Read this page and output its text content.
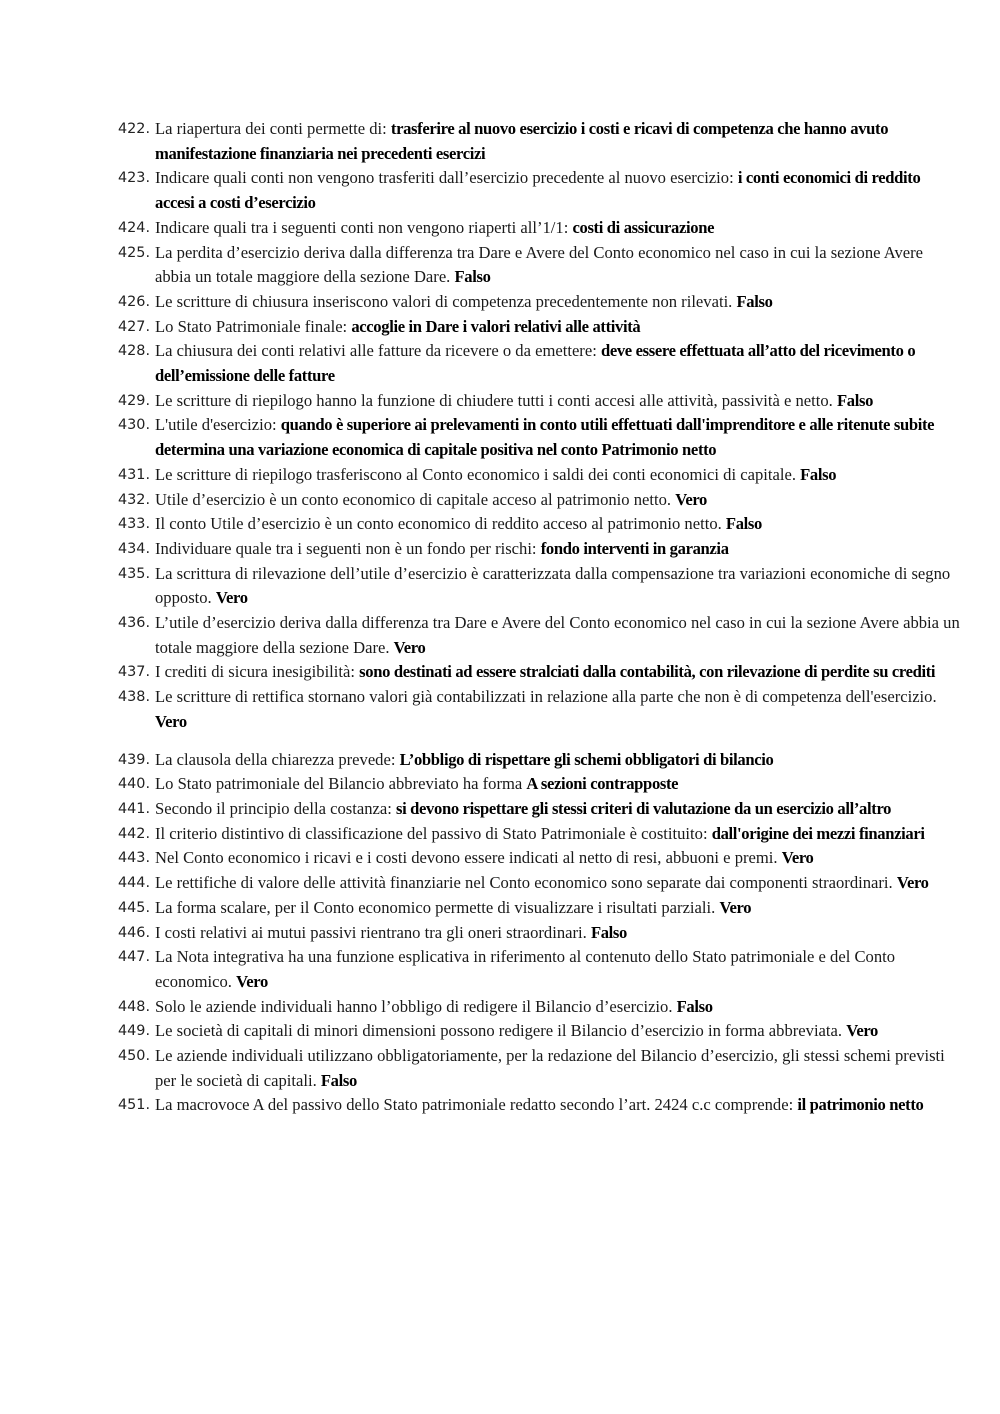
422. La riapertura dei conti permette di: trasferire al nuovo esercizio i costi e ricavi di competenza che hanno avuto manifestazione finanziaria nei precedenti esercizi
423. Indicare quali conti non vengono trasferiti dall’esercizio precedente al nuovo esercizio: i conti economici di reddito accesi a costi d’esercizio
424. Indicare quali tra i seguenti conti non vengono riaperti all’1/1: costi di assicurazione
425. La perdita d’esercizio deriva dalla differenza tra Dare e Avere del Conto economico nel caso in cui la sezione Avere abbia un totale maggiore della sezione Dare. Falso
426. Le scritture di chiusura inseriscono valori di competenza precedentemente non rilevati. Falso
427. Lo Stato Patrimoniale finale: accoglie in Dare i valori relativi alle attività
428. La chiusura dei conti relativi alle fatture da ricevere o da emettere: deve essere effettuata all’atto del ricevimento o dell’emissione delle fatture
429. Le scritture di riepilogo hanno la funzione di chiudere tutti i conti accesi alle attività, passività e netto. Falso
430. L'utile d'esercizio: quando è superiore ai prelevamenti in conto utili effettuati dall'imprenditore e alle ritenute subite determina una variazione economica di capitale positiva nel conto Patrimonio netto
431. Le scritture di riepilogo trasferiscono al Conto economico i saldi dei conti economici di capitale. Falso
432. Utile d’esercizio è un conto economico di capitale acceso al patrimonio netto. Vero
433. Il conto Utile d’esercizio è un conto economico di reddito acceso al patrimonio netto. Falso
434. Individuare quale tra i seguenti non è un fondo per rischi: fondo interventi in garanzia
435. La scrittura di rilevazione dell’utile d’esercizio è caratterizzata dalla compensazione tra variazioni economiche di segno opposto. Vero
436. L’utile d’esercizio deriva dalla differenza tra Dare e Avere del Conto economico nel caso in cui la sezione Avere abbia un totale maggiore della sezione Dare. Vero
437. I crediti di sicura inesigibilità: sono destinati ad essere stralciati dalla contabilità, con rilevazione di perdite su crediti
438. Le scritture di rettifica stornano valori già contabilizzati in relazione alla parte che non è di competenza dell'esercizio. Vero
439. La clausola della chiarezza prevede: L’obbligo di rispettare gli schemi obbligatori di bilancio
440. Lo Stato patrimoniale del Bilancio abbreviato ha forma A sezioni contrapposte
441. Secondo il principio della costanza: si devono rispettare gli stessi criteri di valutazione da un esercizio all’altro
442. Il criterio distintivo di classificazione del passivo di Stato Patrimoniale è costituito: dall'origine dei mezzi finanziari
443. Nel Conto economico i ricavi e i costi devono essere indicati al netto di resi, abbuoni e premi. Vero
444. Le rettifiche di valore delle attività finanziarie nel Conto economico sono separate dai componenti straordinari. Vero
445. La forma scalare, per il Conto economico permette di visualizzare i risultati parziali. Vero
446. I costi relativi ai mutui passivi rientrano tra gli oneri straordinari. Falso
447. La Nota integrativa ha una funzione esplicativa in riferimento al contenuto dello Stato patrimoniale e del Conto economico. Vero
448. Solo le aziende individuali hanno l’obbligo di redigere il Bilancio d’esercizio. Falso
449. Le società di capitali di minori dimensioni possono redigere il Bilancio d’esercizio in forma abbreviata. Vero
450. Le aziende individuali utilizzano obbligatoriamente, per la redazione del Bilancio d’esercizio, gli stessi schemi previsti per le società di capitali. Falso
451. La macrovoce A del passivo dello Stato patrimoniale redatto secondo l’art. 2424 c.c comprende: il patrimonio netto
